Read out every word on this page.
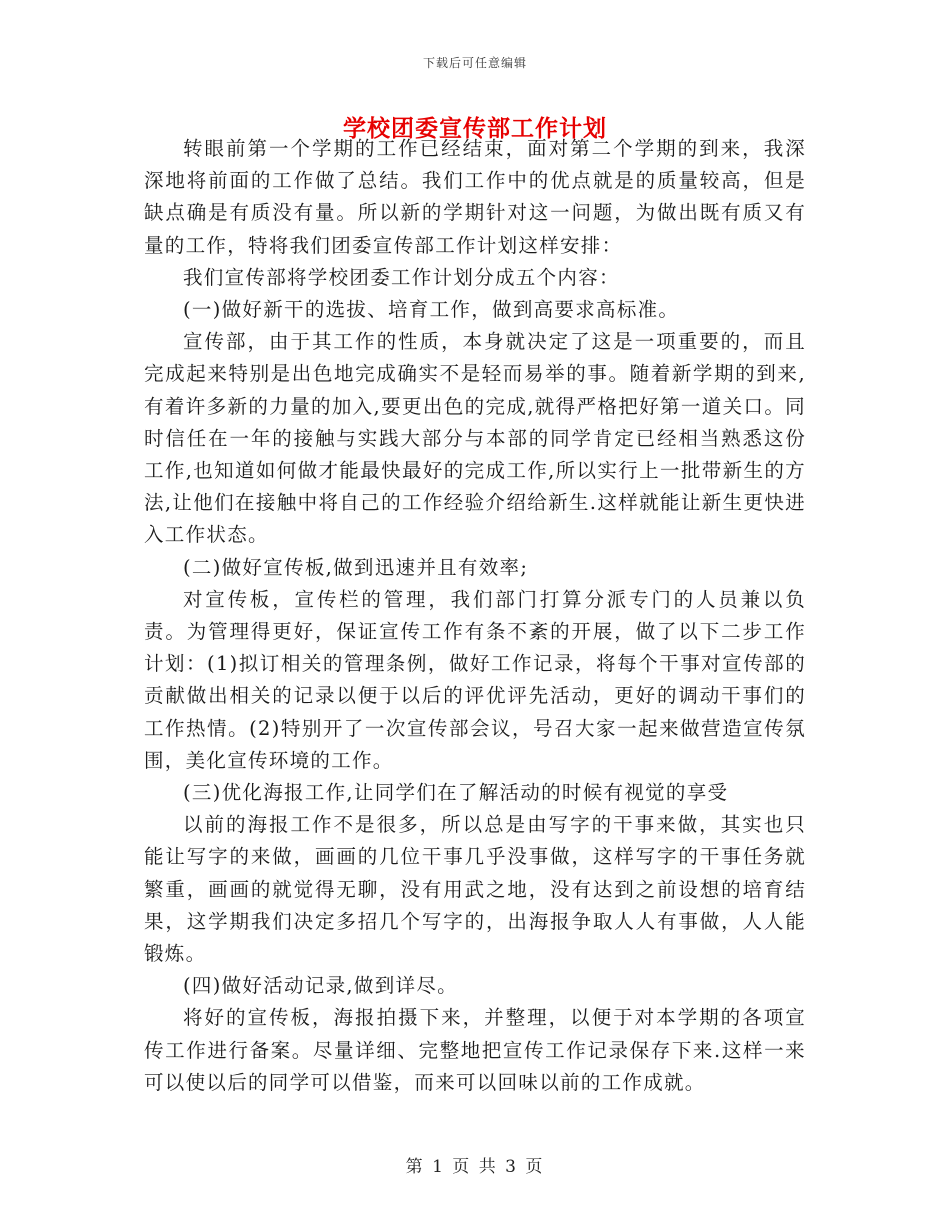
下载后可任意编辑
学校团委宣传部工作计划

转眼前第一个学期的工作已经结束，面对第二个学期的到来，我深深地将前面的工作做了总结。我们工作中的优点就是的质量较高，但是缺点确是有质没有量。所以新的学期针对这一问题，为做出既有质又有量的工作，特将我们团委宣传部工作计划这样安排：

我们宣传部将学校团委工作计划分成五个内容：

(一)做好新干的选拔、培育工作，做到高要求高标准。

宣传部，由于其工作的性质，本身就决定了这是一项重要的，而且完成起来特别是出色地完成确实不是轻而易举的事。随着新学期的到来,有着许多新的力量的加入,要更出色的完成,就得严格把好第一道关口。同时信任在一年的接触与实践大部分与本部的同学肯定已经相当熟悉这份工作,也知道如何做才能最快最好的完成工作,所以实行上一批带新生的方法,让他们在接触中将自己的工作经验介绍给新生.这样就能让新生更快进入工作状态。

(二)做好宣传板,做到迅速并且有效率;

对宣传板，宣传栏的管理，我们部门打算分派专门的人员兼以负责。为管理得更好，保证宣传工作有条不紊的开展，做了以下二步工作计划：(1)拟订相关的管理条例，做好工作记录，将每个干事对宣传部的贡献做出相关的记录以便于以后的评优评先活动，更好的调动干事们的工作热情。(2)特别开了一次宣传部会议，号召大家一起来做营造宣传氛围，美化宣传环境的工作。

(三)优化海报工作,让同学们在了解活动的时候有视觉的享受

以前的海报工作不是很多，所以总是由写字的干事来做，其实也只能让写字的来做，画画的几位干事几乎没事做，这样写字的干事任务就繁重，画画的就觉得无聊，没有用武之地，没有达到之前设想的培育结果，这学期我们决定多招几个写字的，出海报争取人人有事做，人人能锻炼。

(四)做好活动记录,做到详尽。

将好的宣传板，海报拍摄下来，并整理，以便于对本学期的各项宣传工作进行备案。尽量详细、完整地把宣传工作记录保存下来.这样一来可以使以后的同学可以借鉴，而来可以回味以前的工作成就。

第 1 页 共 3 页
